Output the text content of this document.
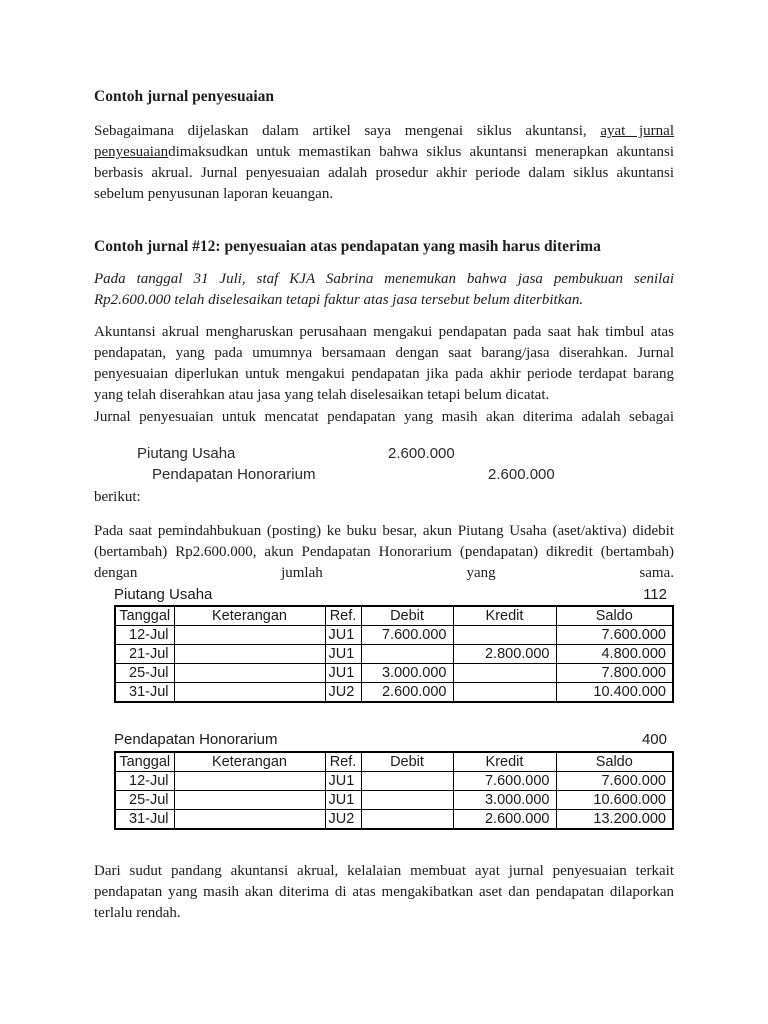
Contoh jurnal penyesuaian
Sebagaimana dijelaskan dalam artikel saya mengenai siklus akuntansi, ayat jurnal
penyesuaiandimaksudkan untuk memastikan bahwa siklus akuntansi menerapkan akuntansi
berbasis akrual. Jurnal penyesuaian adalah prosedur akhir periode dalam siklus akuntansi
sebelum penyusunan laporan keuangan.
Contoh jurnal #12: penyesuaian atas pendapatan yang masih harus diterima
Pada tanggal 31 Juli, staf KJA Sabrina menemukan bahwa jasa pembukuan senilai
Rp2.600.000 telah diselesaikan tetapi faktur atas jasa tersebut belum diterbitkan.
Akuntansi akrual mengharuskan perusahaan mengakui pendapatan pada saat hak timbul atas
pendapatan, yang pada umumnya bersamaan dengan saat barang/jasa diserahkan. Jurnal
penyesuaian diperlukan untuk mengakui pendapatan jika pada akhir periode terdapat barang
yang telah diserahkan atau jasa yang telah diselesaikan tetapi belum dicatat.
Jurnal penyesuaian untuk mencatat pendapatan yang masih akan diterima adalah sebagai
Piutang Usaha	2.600.000
Pendapatan Honorarium	2.600.000
berikut:
Pada saat pemindahbukuan (posting) ke buku besar, akun Piutang Usaha (aset/aktiva) didebit
(bertambah) Rp2.600.000, akun Pendapatan Honorarium (pendapatan) dikredit (bertambah)
dengan jumlah yang sama.
Piutang Usaha	112
Tanggal	Keterangan	Ref.	Debit	Kredit	Saldo
12-Jul		JU1	7.600.000		7.600.000
21-Jul		JU1		2.800.000	4.800.000
25-Jul		JU1	3.000.000		7.800.000
31-Jul		JU2	2.600.000		10.400.000
Pendapatan Honorarium	400
Tanggal	Keterangan	Ref.	Debit	Kredit	Saldo
12-Jul		JU1		7.600.000	7.600.000
25-Jul		JU1		3.000.000	10.600.000
31-Jul		JU2		2.600.000	13.200.000
Dari sudut pandang akuntansi akrual, kelalaian membuat ayat jurnal penyesuaian terkait
pendapatan yang masih akan diterima di atas mengakibatkan aset dan pendapatan dilaporkan
terlalu rendah.
